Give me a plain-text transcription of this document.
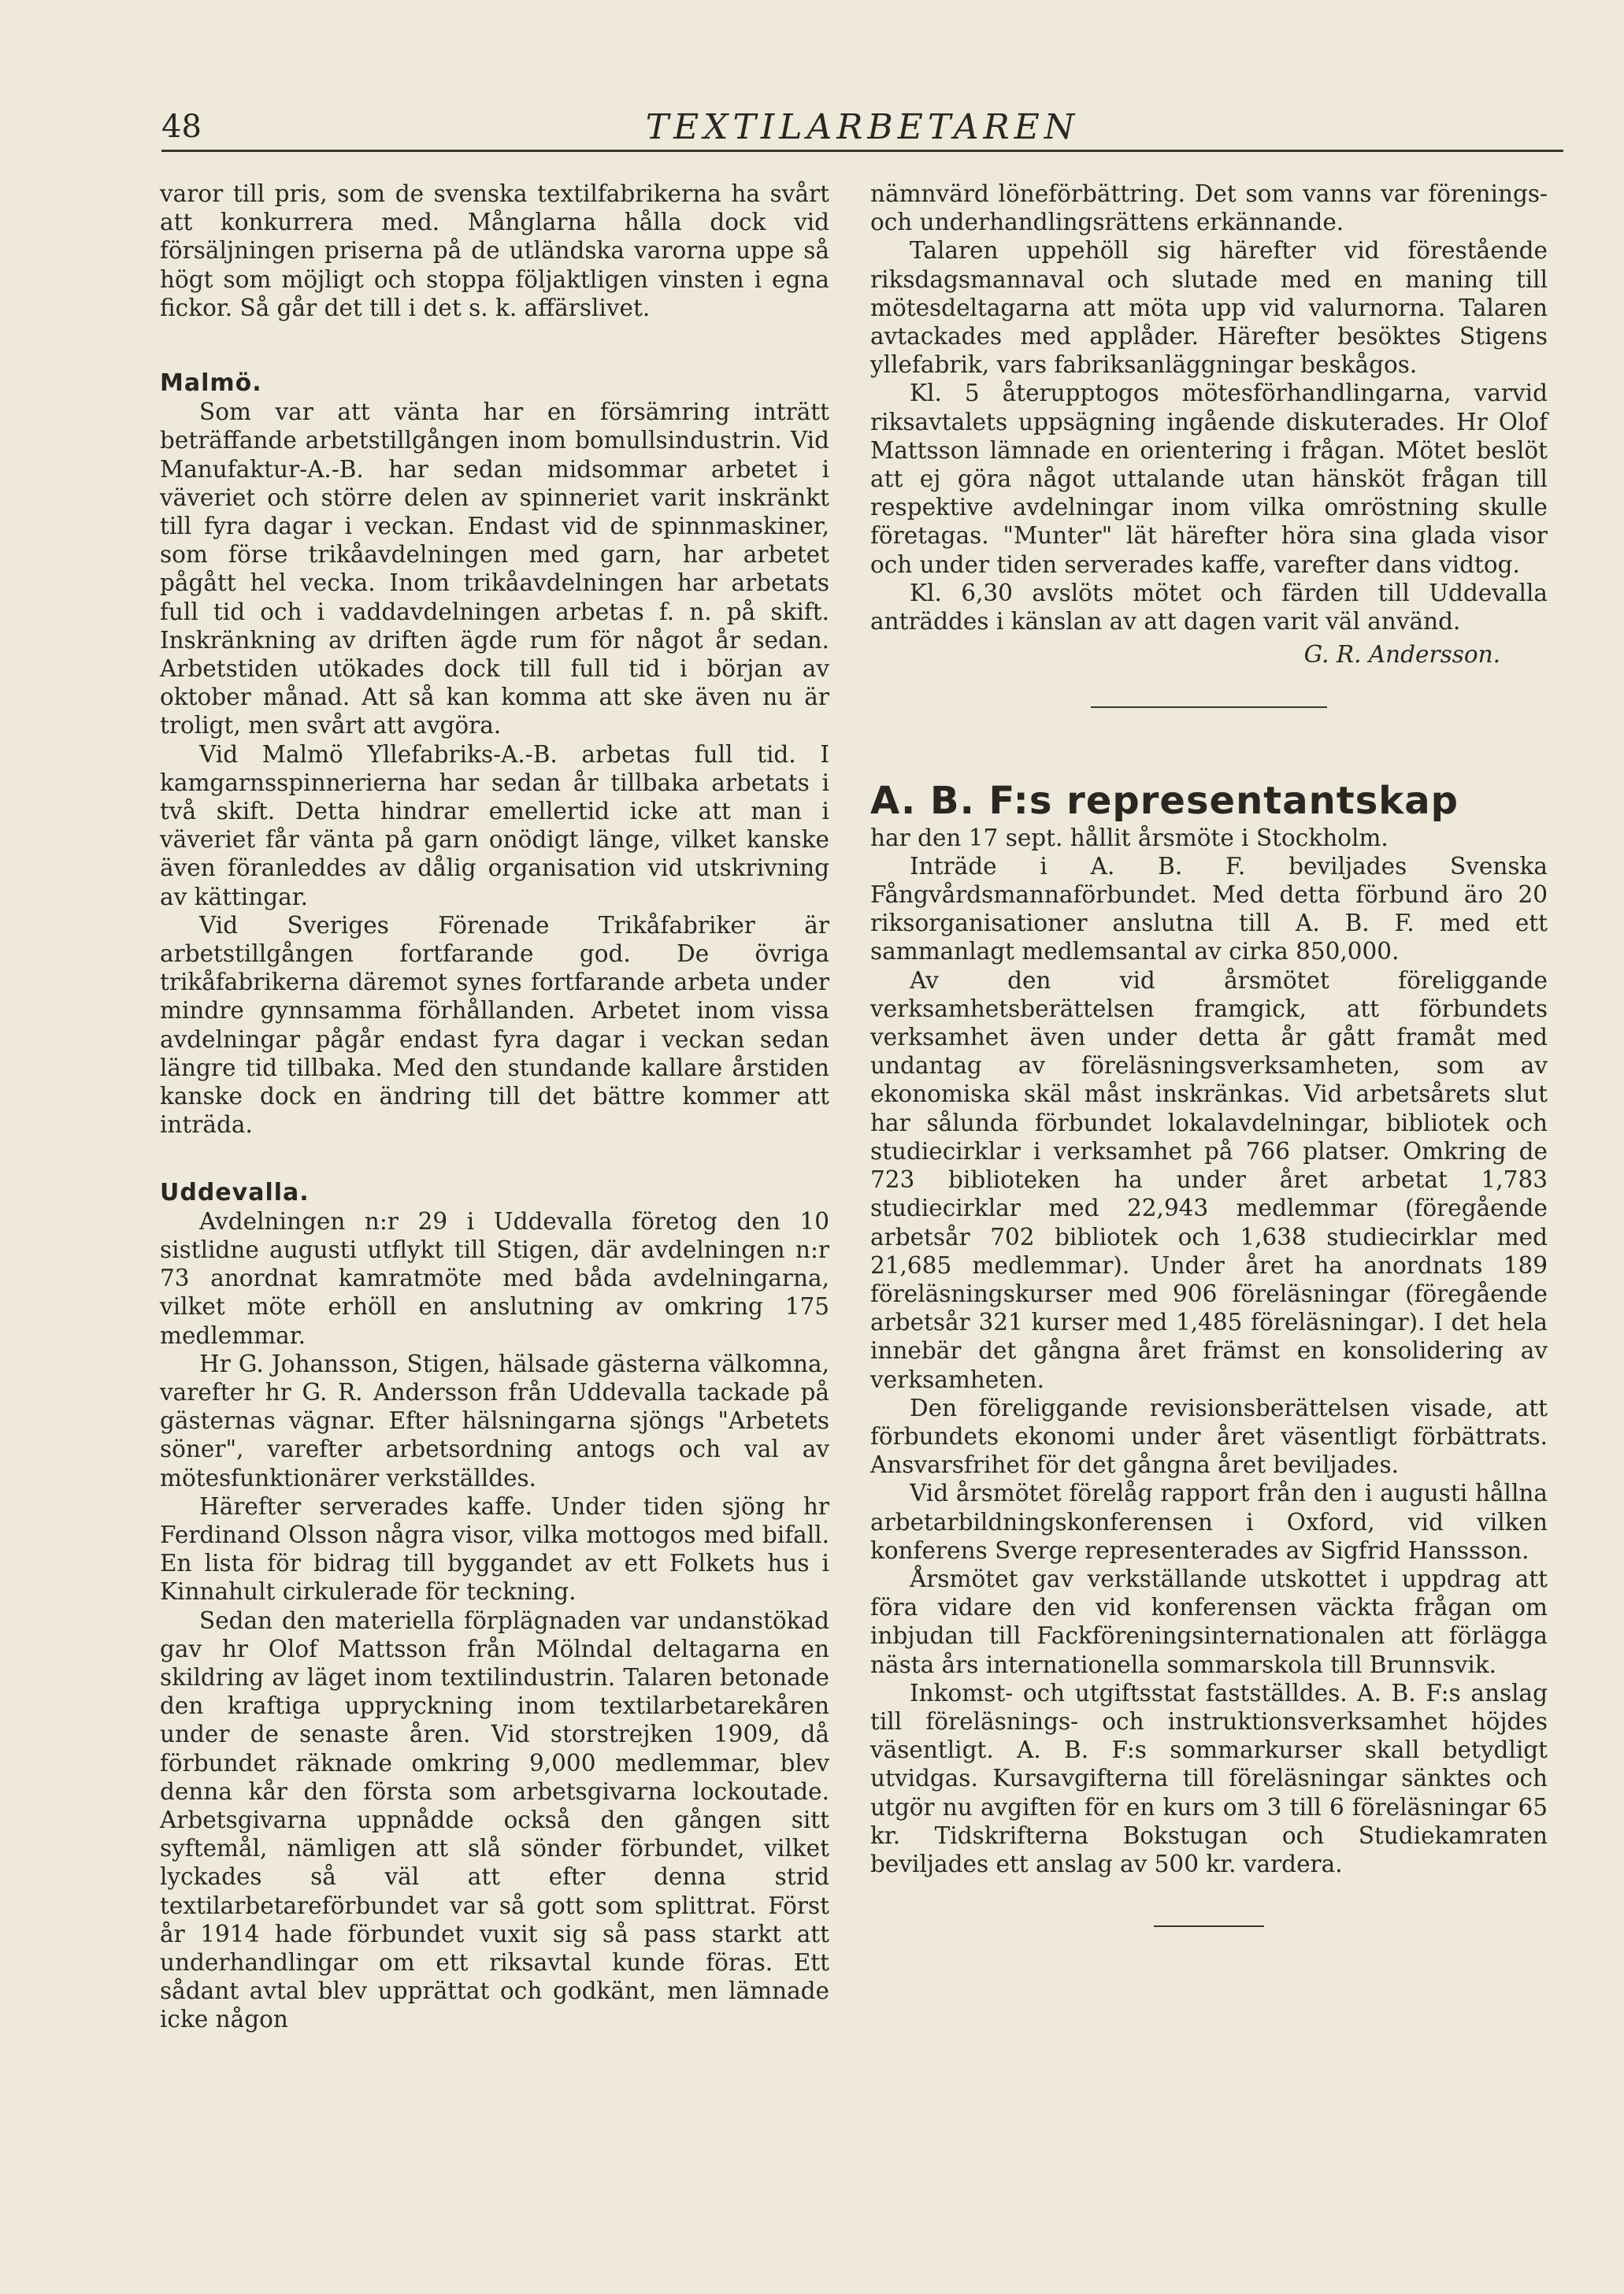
48	TEXTILARBETAREN

varor till pris, som de svenska textilfabrikerna ha svårt att konkurrera med. Månglarna hålla dock vid försäljningen priserna på de utländska varorna uppe så högt som möjligt och stoppa följaktligen vinsten i egna fickor. Så går det till i det s. k. affärslivet.

Malmö.

Som var att vänta har en försämring inträtt beträffande arbetstillgången inom bomullsindustrin. Vid Manufaktur-A.-B. har sedan midsommar arbetet i väveriet och större delen av spinneriet varit inskränkt till fyra dagar i veckan. Endast vid de spinnmaskiner, som förse trikåavdelningen med garn, har arbetet pågått hel vecka. Inom trikåavdelningen har arbetats full tid och i vaddavdelningen arbetas f. n. på skift. Inskränkning av driften ägde rum för något år sedan. Arbetstiden utökades dock till full tid i början av oktober månad. Att så kan komma att ske även nu är troligt, men svårt att avgöra.

Vid Malmö Yllefabriks-A.-B. arbetas full tid. I kamgarnsspinnerierna har sedan år tillbaka arbetats i två skift. Detta hindrar emellertid icke att man i väveriet får vänta på garn onödigt länge, vilket kanske även föranleddes av dålig organisation vid utskrivning av kättingar.

Vid Sveriges Förenade Trikåfabriker är arbetstillgången fortfarande god. De övriga trikåfabrikerna däremot synes fortfarande arbeta under mindre gynnsamma förhållanden. Arbetet inom vissa avdelningar pågår endast fyra dagar i veckan sedan längre tid tillbaka. Med den stundande kallare årstiden kanske dock en ändring till det bättre kommer att inträda.

Uddevalla.

Avdelningen n:r 29 i Uddevalla företog den 10 sistlidne augusti utflykt till Stigen, där avdelningen n:r 73 anordnat kamratmöte med båda avdelningarna, vilket möte erhöll en anslutning av omkring 175 medlemmar.

Hr G. Johansson, Stigen, hälsade gästerna välkomna, varefter hr G. R. Andersson från Uddevalla tackade på gästernas vägnar. Efter hälsningarna sjöngs "Arbetets söner", varefter arbetsordning antogs och val av mötesfunktionärer verkställdes.

Härefter serverades kaffe. Under tiden sjöng hr Ferdinand Olsson några visor, vilka mottogos med bifall. En lista för bidrag till byggandet av ett Folkets hus i Kinnahult cirkulerade för teckning.

Sedan den materiella förplägnaden var undanstökad gav hr Olof Mattsson från Mölndal deltagarna en skildring av läget inom textilindustrin. Talaren betonade den kraftiga uppryckning inom textilarbetarekåren under de senaste åren. Vid storstrejken 1909, då förbundet räknade omkring 9,000 medlemmar, blev denna kår den första som arbetsgivarna lockoutade. Arbetsgivarna uppnådde också den gången sitt syftemål, nämligen att slå sönder förbundet, vilket lyckades så väl att efter denna strid textilarbetareförbundet var så gott som splittrat. Först år 1914 hade förbundet vuxit sig så pass starkt att underhandlingar om ett riksavtal kunde föras. Ett sådant avtal blev upprättat och godkänt, men lämnade icke någon

nämnvärd löneförbättring. Det som vanns var förenings- och underhandlingsrättens erkännande.

Talaren uppehöll sig härefter vid förestående riksdagsmannaval och slutade med en maning till mötesdeltagarna att möta upp vid valurnorna. Talaren avtackades med applåder. Härefter besöktes Stigens yllefabrik, vars fabriksanläggningar beskågos.

Kl. 5 återupptogos mötesförhandlingarna, varvid riksavtalets uppsägning ingående diskuterades. Hr Olof Mattsson lämnade en orientering i frågan. Mötet beslöt att ej göra något uttalande utan hänsköt frågan till respektive avdelningar inom vilka omröstning skulle företagas. "Munter" lät härefter höra sina glada visor och under tiden serverades kaffe, varefter dans vidtog.

Kl. 6,30 avslöts mötet och färden till Uddevalla anträddes i känslan av att dagen varit väl använd.

G. R. Andersson.
A. B. F:s representantskap

har den 17 sept. hållit årsmöte i Stockholm.

Inträde i A. B. F. beviljades Svenska Fångvårdsmannaförbundet. Med detta förbund äro 20 riksorganisationer anslutna till A. B. F. med ett sammanlagt medlemsantal av cirka 850,000.

Av den vid årsmötet föreliggande verksamhetsberättelsen framgick, att förbundets verksamhet även under detta år gått framåt med undantag av föreläsningsverksamheten, som av ekonomiska skäl måst inskränkas. Vid arbetsårets slut har sålunda förbundet lokalavdelningar, bibliotek och studiecirklar i verksamhet på 766 platser. Omkring de 723 biblioteken ha under året arbetat 1,783 studiecirklar med 22,943 medlemmar (föregående arbetsår 702 bibliotek och 1,638 studiecirklar med 21,685 medlemmar). Under året ha anordnats 189 föreläsningskurser med 906 föreläsningar (föregående arbetsår 321 kurser med 1,485 föreläsningar). I det hela innebär det gångna året främst en konsolidering av verksamheten.

Den föreliggande revisionsberättelsen visade, att förbundets ekonomi under året väsentligt förbättrats. Ansvarsfrihet för det gångna året beviljades.

Vid årsmötet förelåg rapport från den i augusti hållna arbetarbildningskonferensen i Oxford, vid vilken konferens Sverge representerades av Sigfrid Hanssson.

Årsmötet gav verkställande utskottet i uppdrag att föra vidare den vid konferensen väckta frågan om inbjudan till Fackföreningsinternationalen att förlägga nästa års internationella sommarskola till Brunnsvik.

Inkomst- och utgiftsstat fastställdes. A. B. F:s anslag till föreläsnings- och instruktionsverksamhet höjdes väsentligt. A. B. F:s sommarkurser skall betydligt utvidgas. Kursavgifterna till föreläsningar sänktes och utgör nu avgiften för en kurs om 3 till 6 föreläsningar 65 kr. Tidskrifterna Bokstugan och Studiekamraten beviljades ett anslag av 500 kr. vardera.
